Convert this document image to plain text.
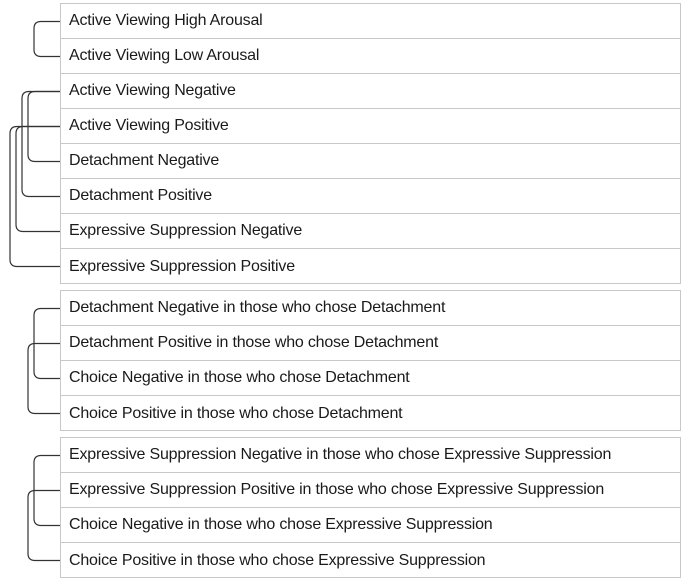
Active Viewing High Arousal
Active Viewing Low Arousal
Active Viewing Negative
Active Viewing Positive
Detachment Negative
Detachment Positive
Expressive Suppression Negative
Expressive Suppression Positive
Detachment Negative in those who chose Detachment
Detachment Positive in those who chose Detachment
Choice Negative in those who chose Detachment
Choice Positive in those who chose Detachment
Expressive Suppression Negative in those who chose Expressive Suppression
Expressive Suppression Positive in those who chose Expressive Suppression
Choice Negative in those who chose Expressive Suppression
Choice Positive in those who chose Expressive Suppression
